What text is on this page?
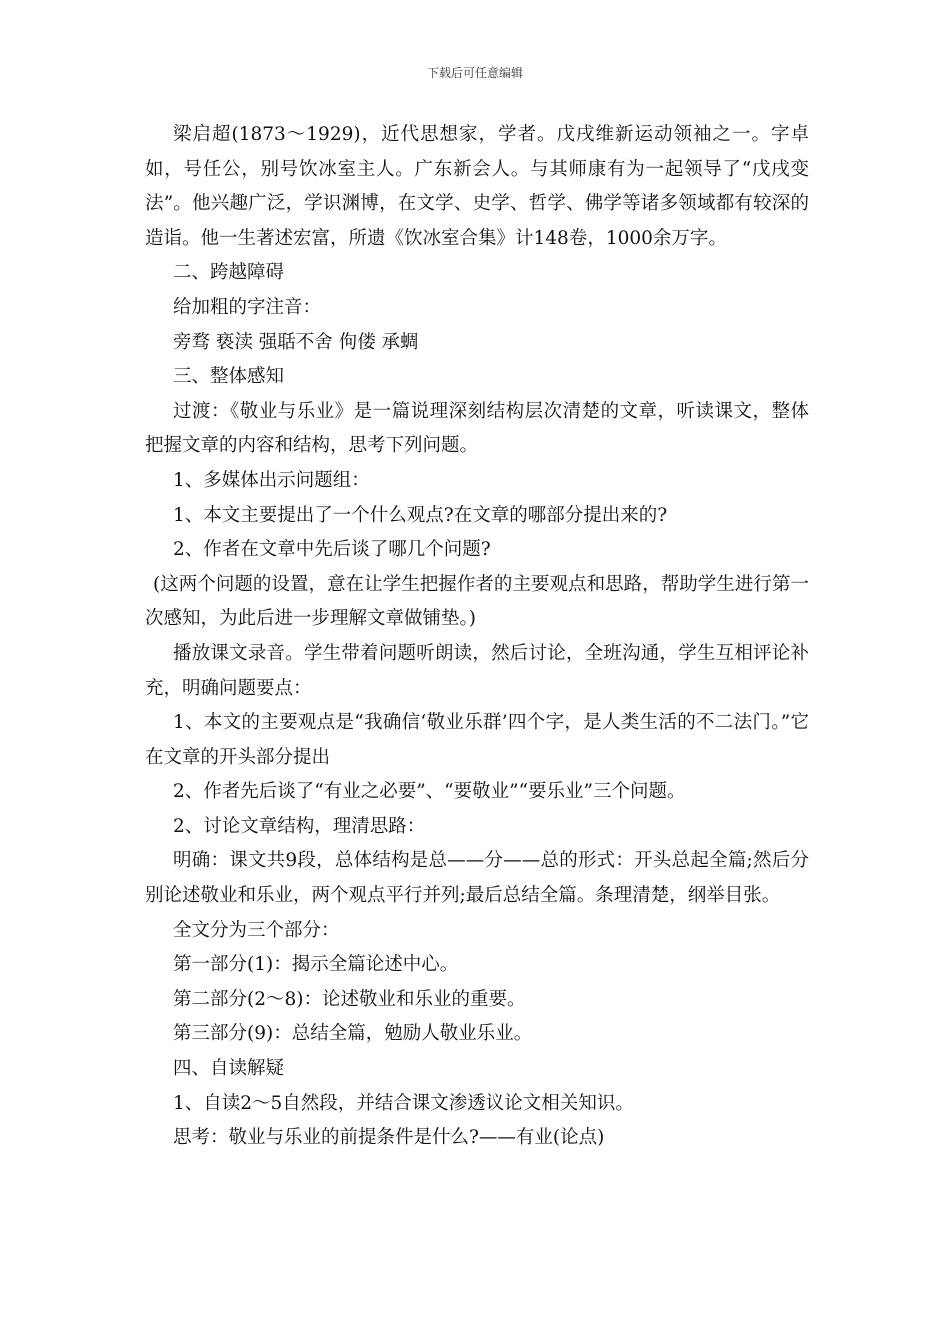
下载后可任意编辑

梁启超(1873～1929)，近代思想家，学者。戊戌维新运动领袖之一。字卓如，号任公，别号饮冰室主人。广东新会人。与其师康有为一起领导了“戊戌变法”。他兴趣广泛，学识渊博，在文学、史学、哲学、佛学等诸多领域都有较深的造诣。他一生著述宏富，所遗《饮冰室合集》计148卷，1000余万字。

二、跨越障碍

给加粗的字注音：

旁骛 亵渎 强聒不舍 佝偻 承蜩

三、整体感知

过渡：《敬业与乐业》是一篇说理深刻结构层次清楚的文章，听读课文，整体把握文章的内容和结构，思考下列问题。

1、多媒体出示问题组：

1、本文主要提出了一个什么观点?在文章的哪部分提出来的?

2、作者在文章中先后谈了哪几个问题?

(这两个问题的设置，意在让学生把握作者的主要观点和思路，帮助学生进行第一次感知，为此后进一步理解文章做铺垫。)

播放课文录音。学生带着问题听朗读，然后讨论，全班沟通，学生互相评论补充，明确问题要点：

1、本文的主要观点是“我确信‘敬业乐群’四个字，是人类生活的不二法门。”它在文章的开头部分提出

2、作者先后谈了“有业之必要”、“要敬业”“要乐业”三个问题。

2、讨论文章结构，理清思路：

明确：课文共9段，总体结构是总——分——总的形式：开头总起全篇;然后分别论述敬业和乐业，两个观点平行并列;最后总结全篇。条理清楚，纲举目张。

全文分为三个部分：

第一部分(1)：揭示全篇论述中心。

第二部分(2～8)：论述敬业和乐业的重要。

第三部分(9)：总结全篇，勉励人敬业乐业。

四、自读解疑

1、自读2～5自然段，并结合课文渗透议论文相关知识。

思考：敬业与乐业的前提条件是什么?——有业(论点)
